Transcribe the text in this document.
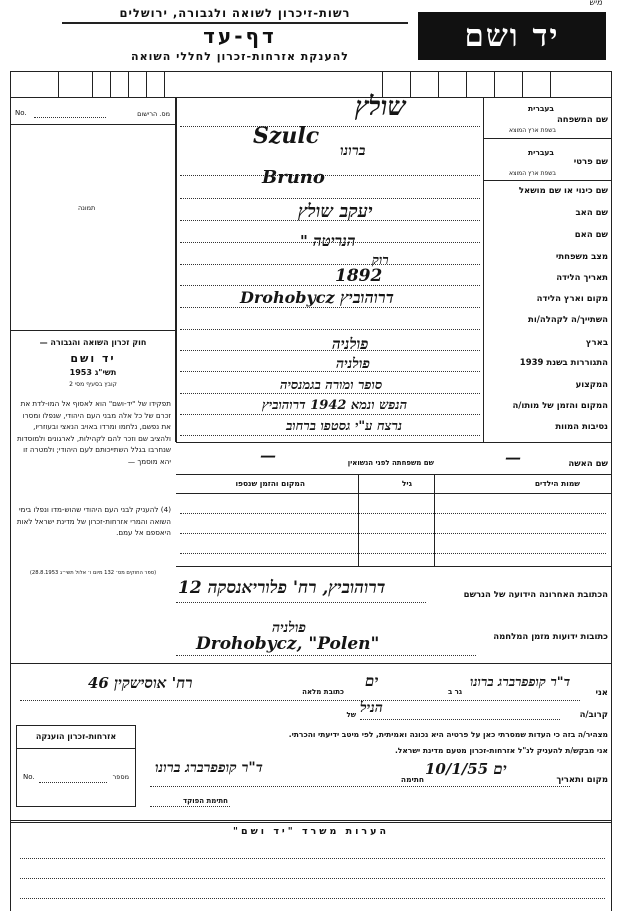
מיש
רשות-זיכרון לשואה ולגבורה, ירושלים
דף-עד
להענקת אזרחות-זכרון לחללי השואה
יד ושם
מס. הרישום
No.
תמונה
חוק זכרון השואה והגבורה —
יד ושם
תשי"ג 1953
קובץ בסעיף מסי 2
תפקידו של "יד-ושם" הוא לאסוף אל המו-לדת את זכרם של כל אלה מבני העם היהודי, שנפלו ומסרו את נפשם, נלחמו ומרדו באויב הנאצי ובעוזריו, ולהציב שם וזכר להם לקהילות, לארגונים ולמוסדות שנחרבו בגלל השתייכותם לעם היהודי; ולמטרה זו יהא מוסמך —
(4) להעניק לבני העם היהודי שהוש-מדו ונפלו בימי השואה והמרי אזרחות-זכרון של מדינת ישראל לאות היאספם אל עמם.
(ספר החוקים מס׳ 132 מיום ו׳ אלול תשי״ג 28.8.1953)
בעברית
בשפת ארץ המוצא
שם המשפחה
בעברית
בשפת ארץ המוצא
שם פרטי
שם כינוי או שם מושאל
שם האב
שם האם
מצב משפחתי
תאריך הלידה
מקום וארץ הלידה
השתייך/ה לקהלה/ות
בארץ
התגוררות בשנת 1939
המקצוע
המקום והזמן של מותו/ה
נסיבות המוות
שולץ
Szulc
ברונו
Bruno
יעקב שולץ
הנריטה "
רוק
1892
Drohobycz דרוהוביץ
פולניה
פולניה
סופר ומורה בגמנסיה
הנפש ונמא 1942 דרוהוביץ
נרצח ע"י גסטפו ברחוב
שם האשה
—
שם משפחתה לפני הנשואין
—
שמות הילדים
גיל
המקום והזמן שנספו
הכתובת האחרונה הידועה של הנרשם
דרוהוביץ, רח' פלוריאנסקה 12
כתובות ידועות מזמן המלחמה
פולניה
Drohobycz, "Polen"
אני
ד"ר קופפרברג ברונו
גר ב
ים
כתובת מלאה
רח' אוסישקין 46
קרוב/ה
הניל
של
מצהיר/ה בזה כי העדות שמסרתי כאן על פרטיה היא נכונה ואמיתית, לפי מיטב ידיעתי והכרתי.
אני מבקש/ת להעניק לנ"ל אזרחות-זכרון מטעם מדינת ישראל.
מקום ותאריך
ים 10/1/55
חתימה
ד"ר קופפרברג ברונו
חתימת הפוקד
אזרחות-זכרון הוענקה
No.	מספר
הערות משרד "יד ושם"
